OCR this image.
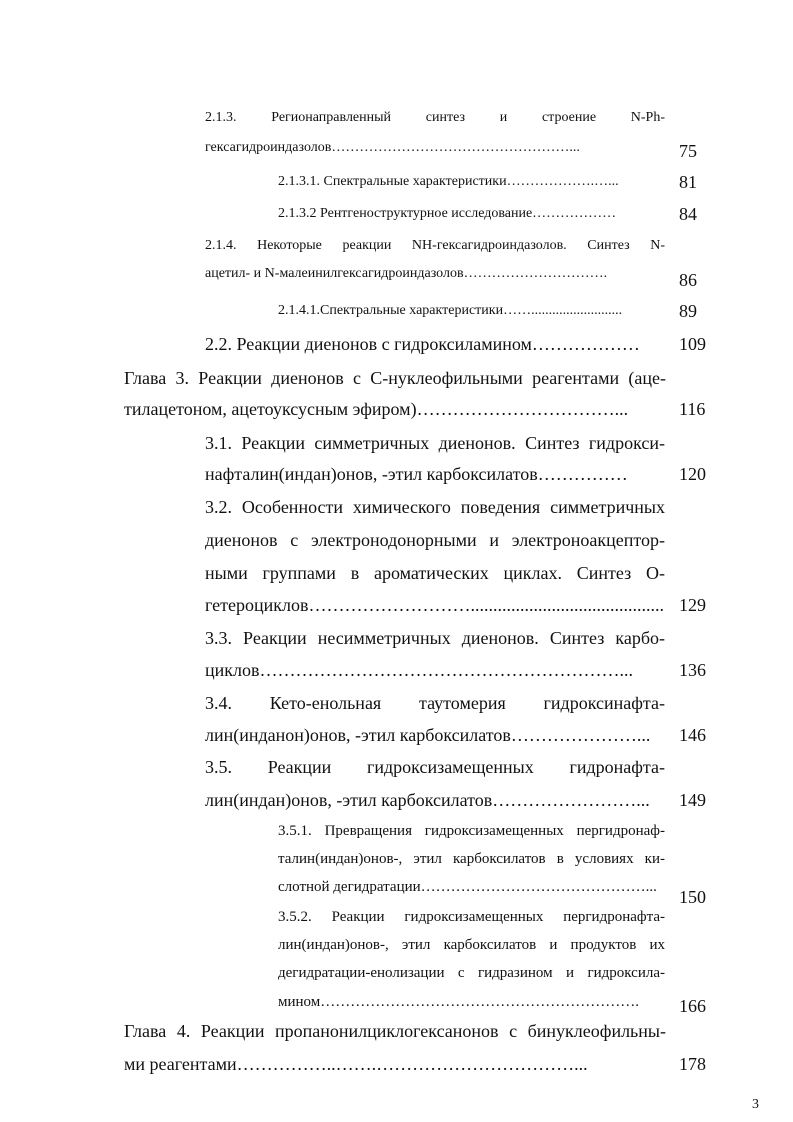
2.1.3. Регионаправленный синтез и строение N-Ph-
гексагидроиндазолов……………………………………………...	75
2.1.3.1. Спектральные характеристики……………….…...	81
2.1.3.2 Рентгеноструктурное исследование………………	84
2.1.4. Некоторые реакции NH-гексагидроиндазолов. Синтез N-
ацетил- и N-малеинилгексагидроиндазолов………………………….	86
2.1.4.1.Спектральные характеристики……..........................	89
2.2. Реакции диенонов с гидроксиламином……………… 109
Глава 3. Реакции диенонов с С-нуклеофильными реагентами (аце-
тилацетоном, ацетоуксусным эфиром)……………………………...	116
3.1. Реакции симметричных диенонов. Синтез гидрокси-
нафталин(индан)онов, -этил карбоксилатов……………	120
3.2. Особенности химического поведения симметричных
диенонов с электронодонорными и электроноакцептор-
ными группами в ароматических циклах. Синтез О-
гетероциклов………………………........................................... 129
3.3. Реакции несимметричных диенонов. Синтез карбо-
циклов……………………………………………………...	136
3.4. Кето-енольная таутомерия гидроксинафта-
лин(инданон)онов, -этил карбоксилатов…………………... 146
3.5. Реакции гидроксизамещенных гидронафта-
лин(индан)онов, -этил карбоксилатов……………………... 149
3.5.1. Превращения гидроксизамещенных пергидронаф-
талин(индан)онов-, этил карбоксилатов в условиях ки-
слотной дегидратации………………………………………... 150
3.5.2. Реакции гидроксизамещенных пергидронафта-
лин(индан)онов-, этил карбоксилатов и продуктов их
дегидратации-енолизации с гидразином и гидроксила-
мином………………………………………………………. 166
Глава 4. Реакции пропанонилциклогексанонов с бинуклеофильны-
ми реагентами……………..…….……………………………...	178
3
